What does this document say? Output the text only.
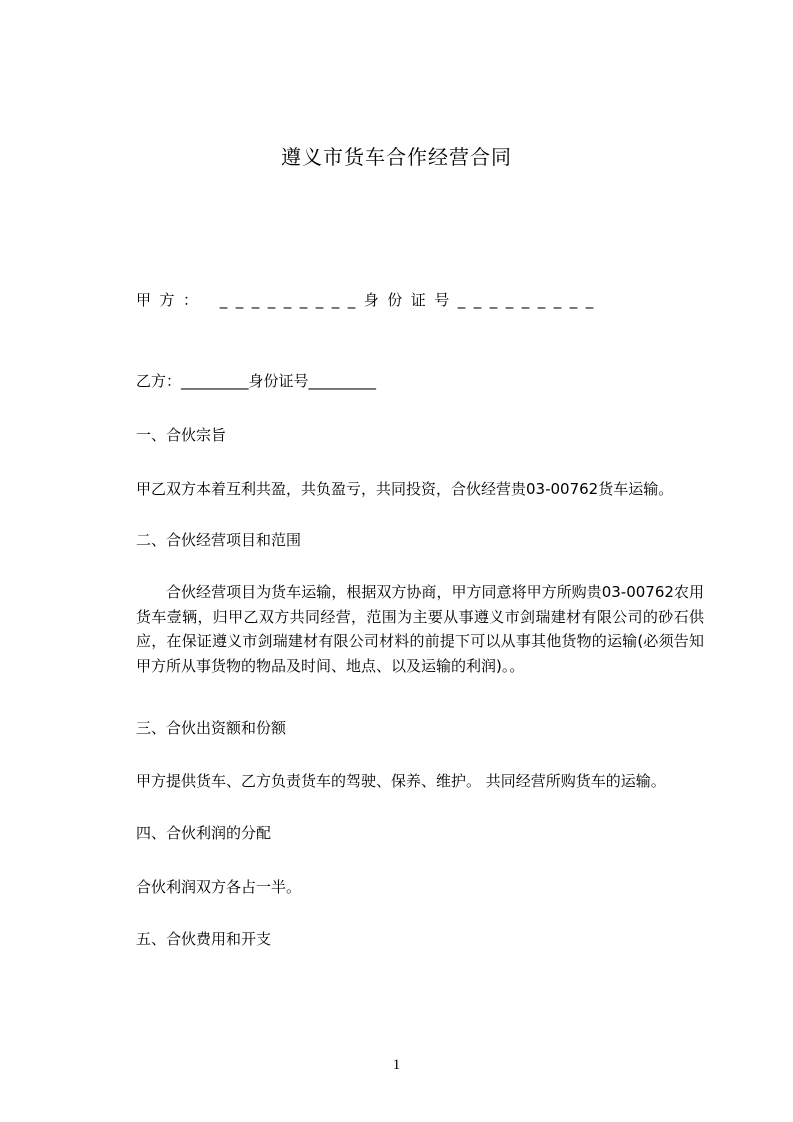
遵义市货车合作经营合同
甲方： _________身份证号_________
乙方：_________身份证号_________
一、合伙宗旨
甲乙双方本着互利共盈，共负盈亏，共同投资，合伙经营贵03-00762货车运输。
二、合伙经营项目和范围
合伙经营项目为货车运输，根据双方协商，甲方同意将甲方所购贵03-00762农用货车壹辆，归甲乙双方共同经营，范围为主要从事遵义市剑瑞建材有限公司的砂石供应，在保证遵义市剑瑞建材有限公司材料的前提下可以从事其他货物的运输(必须告知甲方所从事货物的物品及时间、地点、以及运输的利润)。。
三、合伙出资额和份额
甲方提供货车、乙方负责货车的驾驶、保养、维护。 共同经营所购货车的运输。
四、合伙利润的分配
合伙利润双方各占一半。
五、合伙费用和开支
1
